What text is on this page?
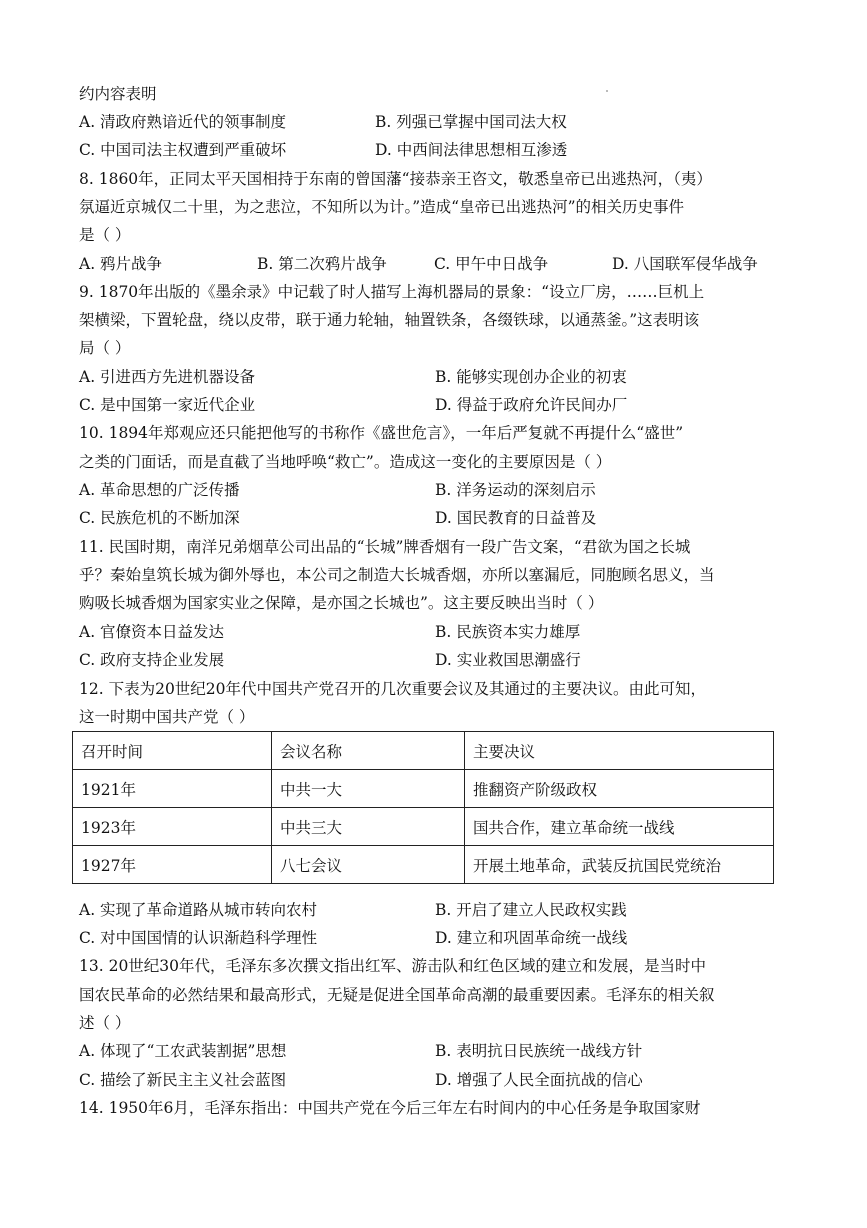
约内容表明
A. 清政府熟谙近代的领事制度	B. 列强已掌握中国司法大权
C. 中国司法主权遭到严重破坏	D. 中西间法律思想相互渗透
8. 1860年，正同太平天国相持于东南的曾国藩“接恭亲王咨文，敬悉皇帝已出逃热河，（夷）
氛逼近京城仅二十里，为之悲泣，不知所以为计。”造成“皇帝已出逃热河”的相关历史事件
是（ ）
A. 鸦片战争	B. 第二次鸦片战争	C. 甲午中日战争	D. 八国联军侵华战争
9. 1870年出版的《墨余录》中记载了时人描写上海机器局的景象：“设立厂房，……巨机上
架横梁，下置轮盘，绕以皮带，联于通力轮轴，轴置铁条，各缀铁球，以通蒸釜。”这表明该
局（ ）
A. 引进西方先进机器设备	B. 能够实现创办企业的初衷
C. 是中国第一家近代企业	D. 得益于政府允许民间办厂
10. 1894年郑观应还只能把他写的书称作《盛世危言》，一年后严复就不再提什么“盛世”
之类的门面话，而是直截了当地呼唤“救亡”。造成这一变化的主要原因是（ ）
A. 革命思想的广泛传播	B. 洋务运动的深刻启示
C. 民族危机的不断加深	D. 国民教育的日益普及
11. 民国时期，南洋兄弟烟草公司出品的“长城”牌香烟有一段广告文案，“君欲为国之长城
乎？秦始皇筑长城为御外辱也，本公司之制造大长城香烟，亦所以塞漏卮，同胞顾名思义，当
购吸长城香烟为国家实业之保障，是亦国之长城也”。这主要反映出当时（ ）
A. 官僚资本日益发达	B. 民族资本实力雄厚
C. 政府支持企业发展	D. 实业救国思潮盛行
12. 下表为20世纪20年代中国共产党召开的几次重要会议及其通过的主要决议。由此可知，
这一时期中国共产党（ ）
召开时间	会议名称	主要决议
1921年	中共一大	推翻资产阶级政权
1923年	中共三大	国共合作，建立革命统一战线
1927年	八七会议	开展土地革命，武装反抗国民党统治
A. 实现了革命道路从城市转向农村	B. 开启了建立人民政权实践
C. 对中国国情的认识渐趋科学理性	D. 建立和巩固革命统一战线
13. 20世纪30年代，毛泽东多次撰文指出红军、游击队和红色区域的建立和发展，是当时中
国农民革命的必然结果和最高形式，无疑是促进全国革命高潮的最重要因素。毛泽东的相关叙
述（ ）
A. 体现了“工农武装割据”思想	B. 表明抗日民族统一战线方针
C. 描绘了新民主主义社会蓝图	D. 增强了人民全面抗战的信心
14. 1950年6月，毛泽东指出：中国共产党在今后三年左右时间内的中心任务是争取国家财
